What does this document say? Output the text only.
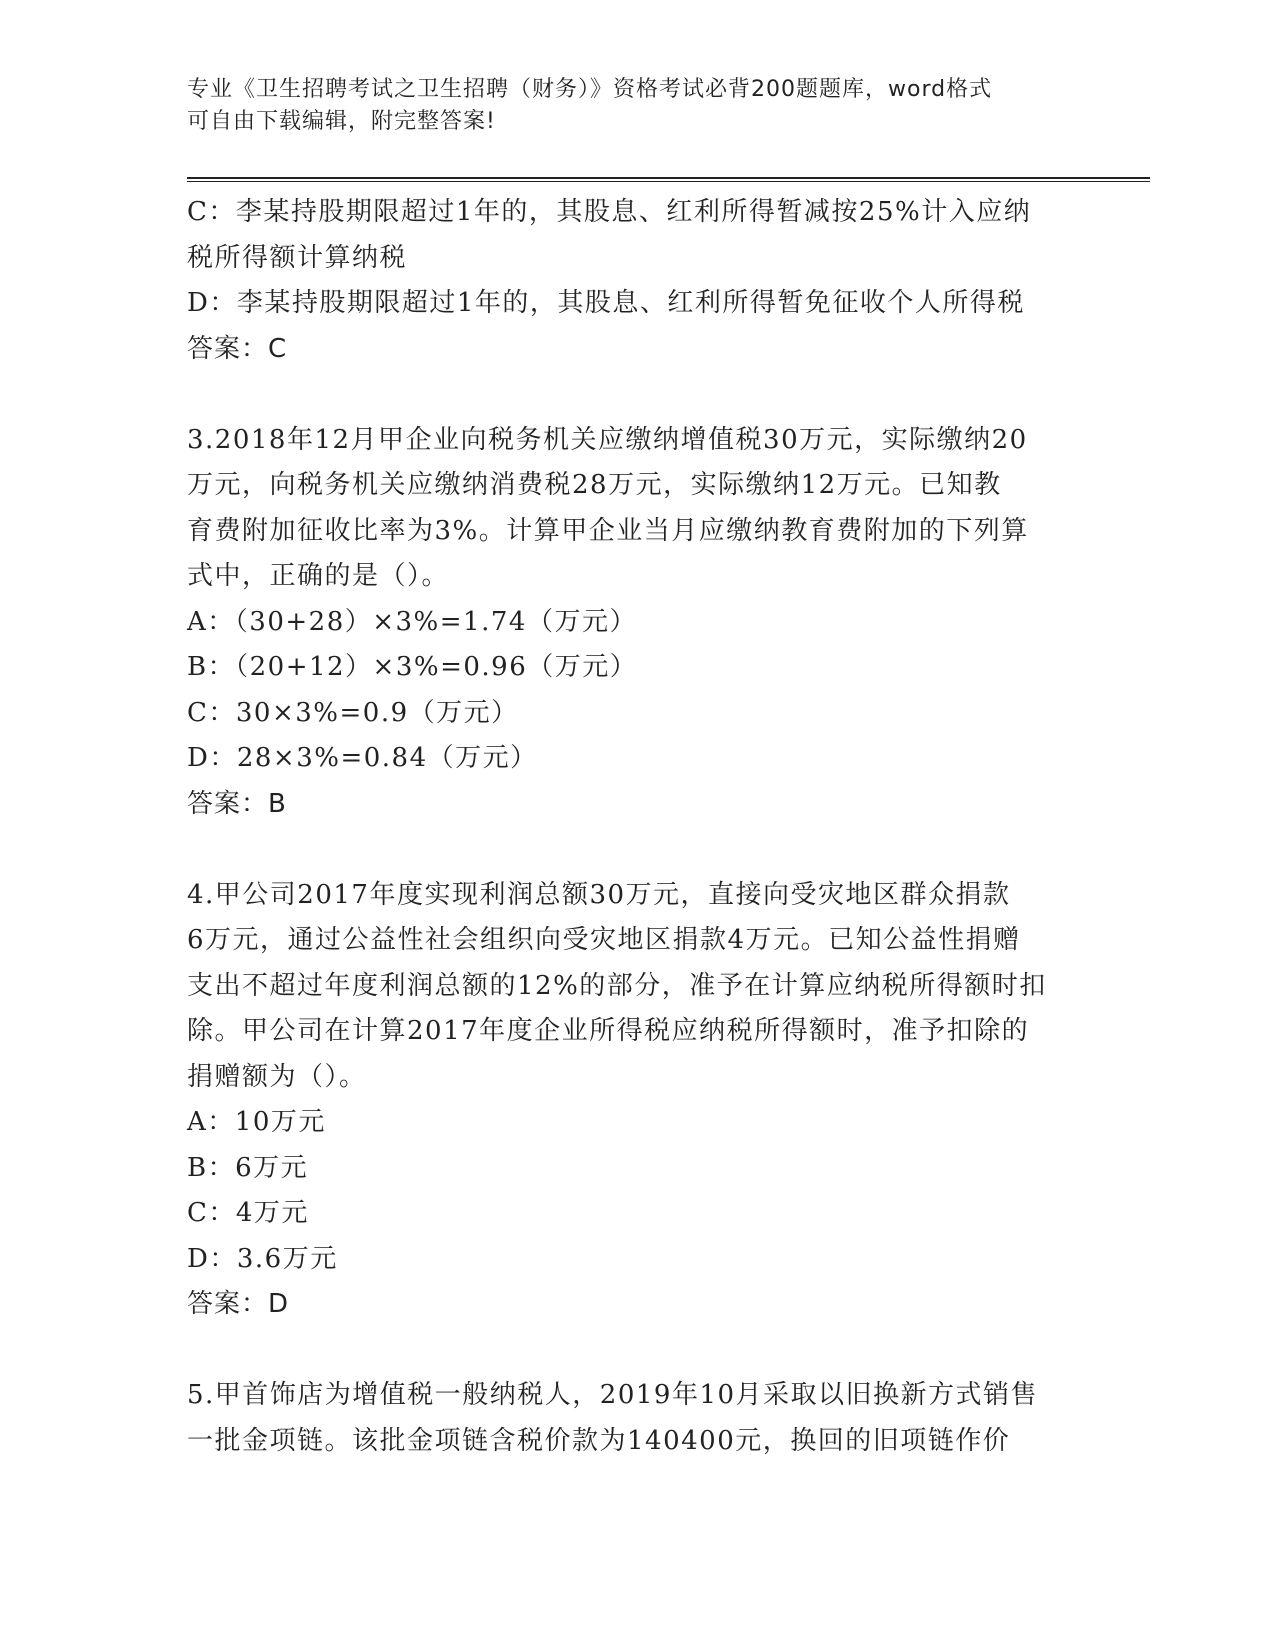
专业《卫生招聘考试之卫生招聘（财务）》资格考试必背200题题库，word格式
可自由下载编辑，附完整答案!
C：李某持股期限超过1年的，其股息、红利所得暂减按25%计入应纳
税所得额计算纳税
D：李某持股期限超过1年的，其股息、红利所得暂免征收个人所得税
答案：C
3.2018年12月甲企业向税务机关应缴纳增值税30万元，实际缴纳20
万元，向税务机关应缴纳消费税28万元，实际缴纳12万元。已知教
育费附加征收比率为3%。计算甲企业当月应缴纳教育费附加的下列算
式中，正确的是（）。
A：（30+28）×3%=1.74（万元）
B：（20+12）×3%=0.96（万元）
C：30×3%=0.9（万元）
D：28×3%=0.84（万元）
答案：B
4.甲公司2017年度实现利润总额30万元，直接向受灾地区群众捐款
6万元，通过公益性社会组织向受灾地区捐款4万元。已知公益性捐赠
支出不超过年度利润总额的12%的部分，准予在计算应纳税所得额时扣
除。甲公司在计算2017年度企业所得税应纳税所得额时，准予扣除的
捐赠额为（）。
A：10万元
B：6万元
C：4万元
D：3.6万元
答案：D
5.甲首饰店为增值税一般纳税人，2019年10月采取以旧换新方式销售
一批金项链。该批金项链含税价款为140400元，换回的旧项链作价
